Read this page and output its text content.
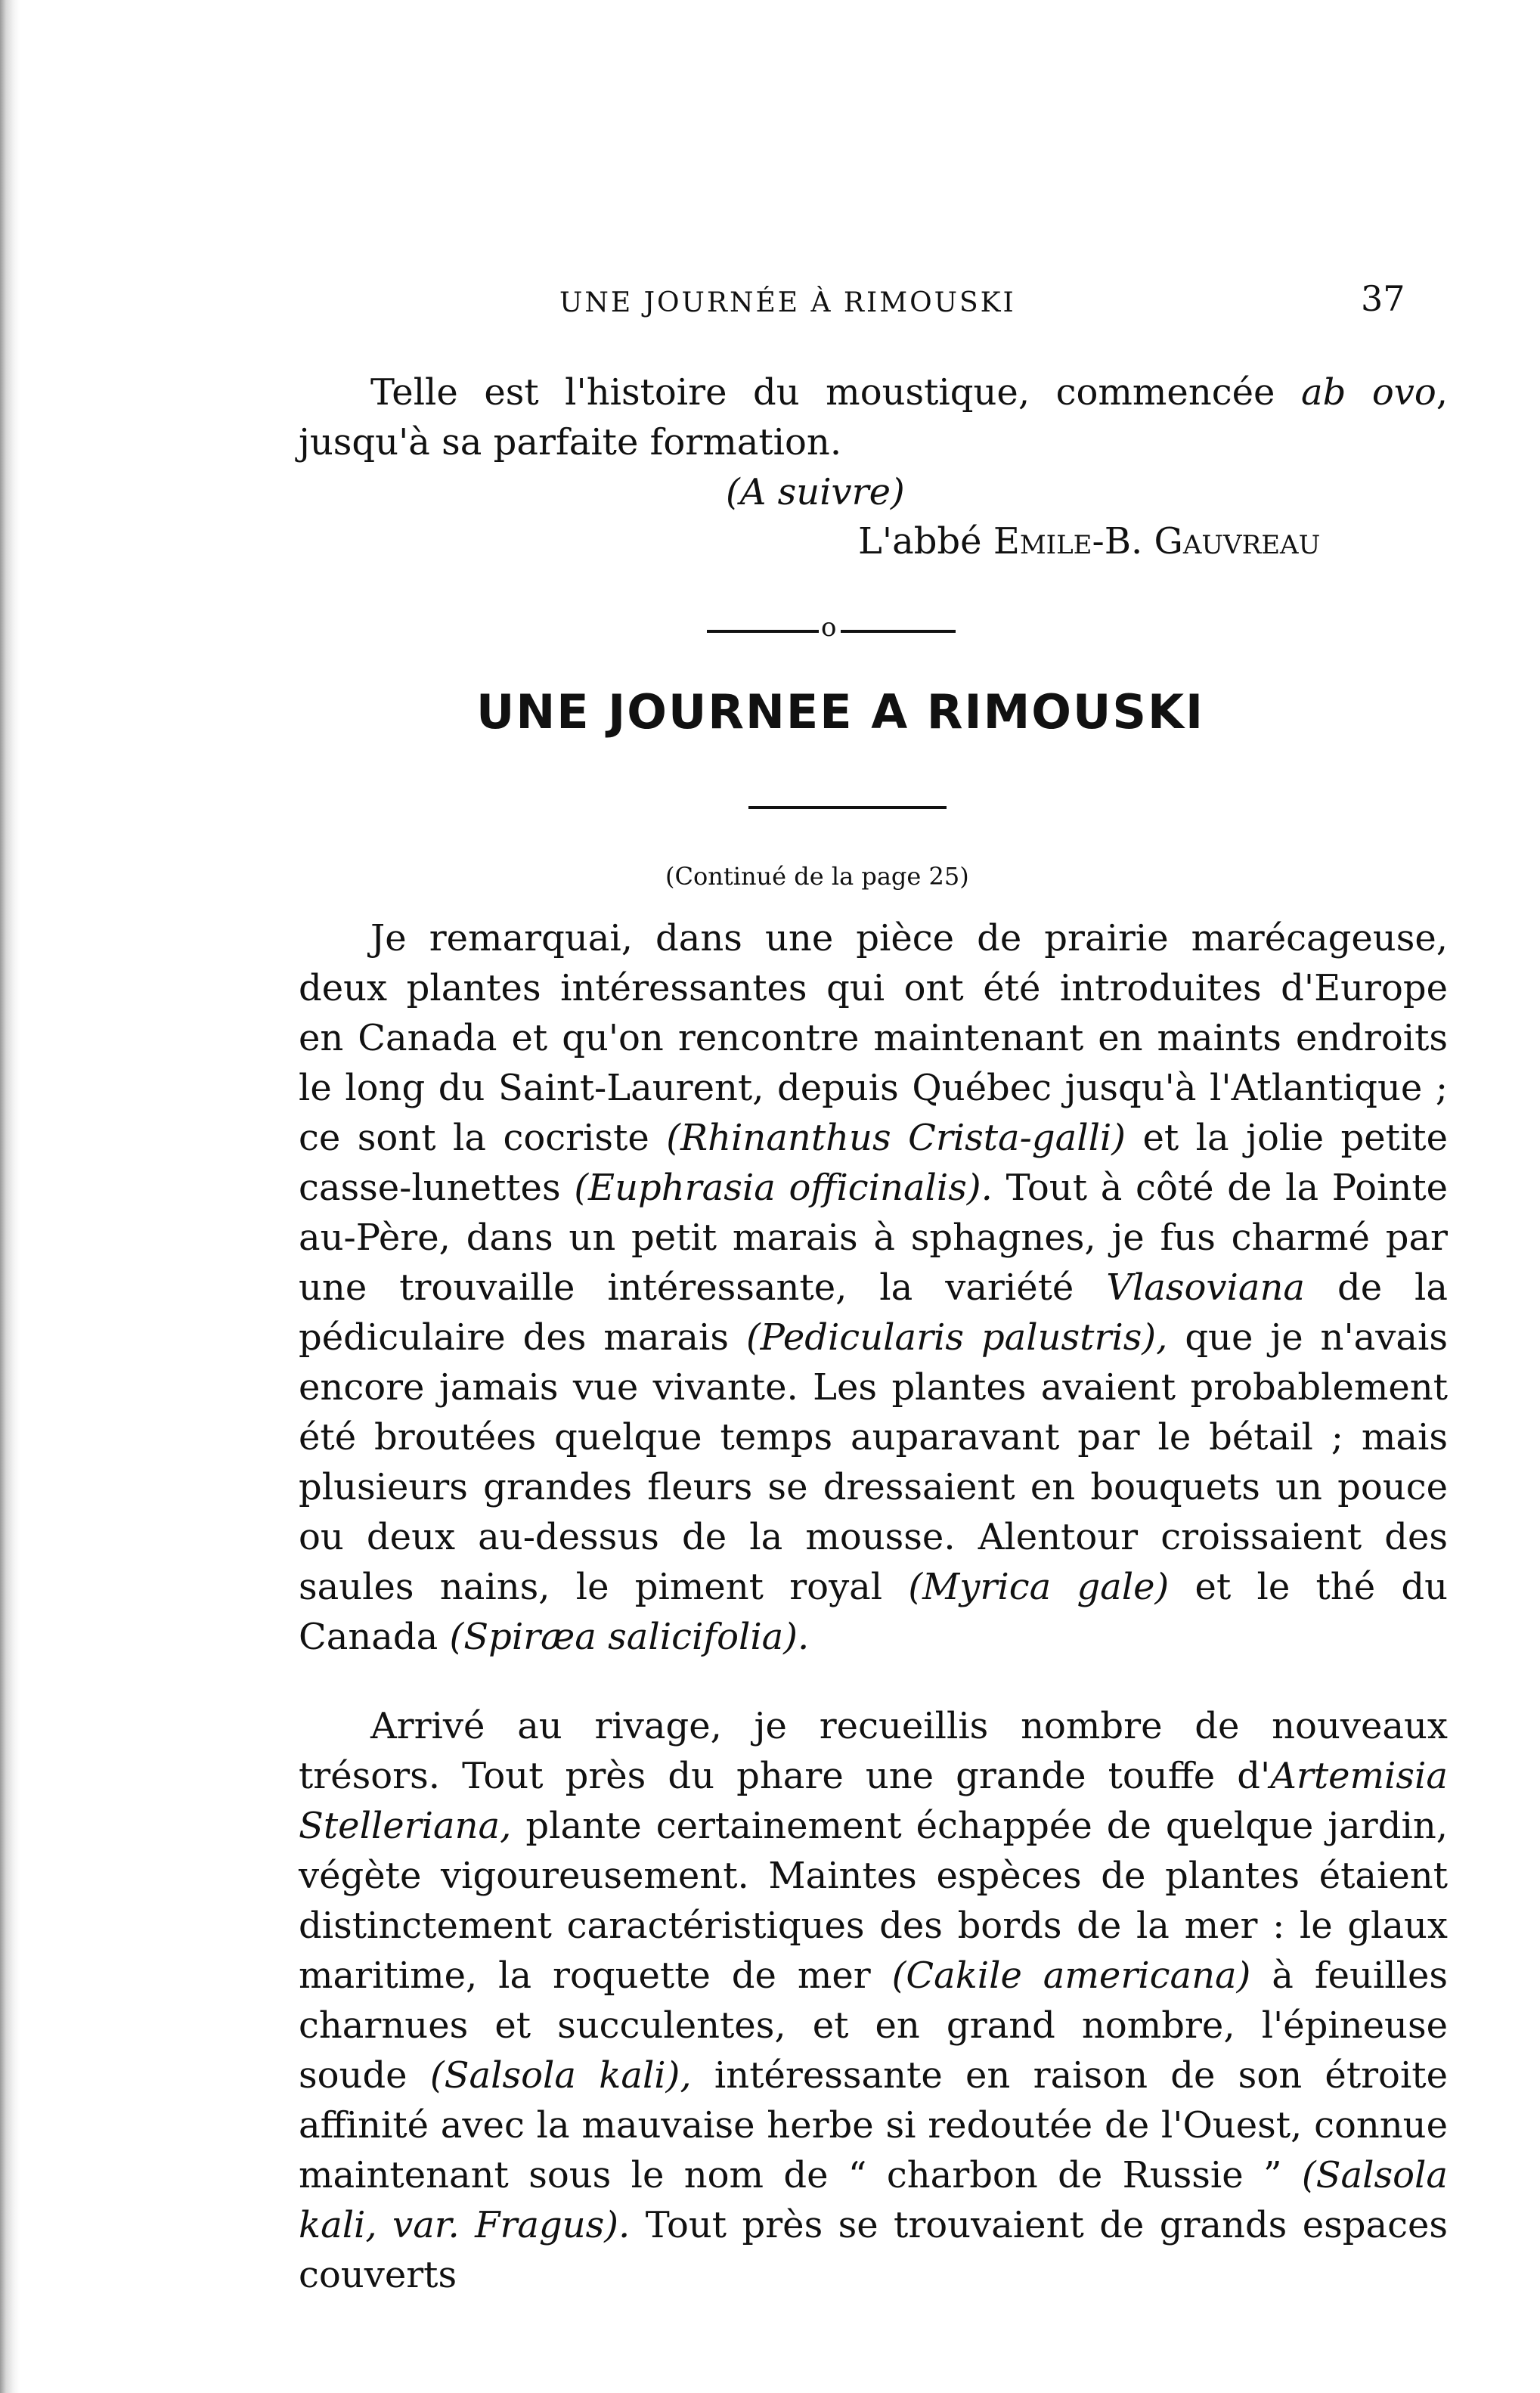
UNE JOURNÉE À RIMOUSKI	37

Telle est l'histoire du moustique, commencée ab ovo, jusqu'à sa parfaite formation.

(A suivre)
L'abbé Emile-B. Gauvreau
o
UNE JOURNEE A RIMOUSKI
(Continué de la page 25)

Je remarquai, dans une pièce de prairie marécageuse, deux plantes intéressantes qui ont été introduites d'Europe en Canada et qu'on rencontre maintenant en maints endroits le long du Saint-Laurent, depuis Québec jusqu'à l'Atlantique ; ce sont la cocriste (Rhinanthus Crista-galli) et la jolie petite casse-lunettes (Euphrasia officinalis). Tout à côté de la Pointe au-Père, dans un petit marais à sphagnes, je fus charmé par une trouvaille intéressante, la variété Vlasoviana de la pédiculaire des marais (Pedicularis palustris), que je n'avais encore jamais vue vivante. Les plantes avaient probablement été broutées quelque temps auparavant par le bétail ; mais plusieurs grandes fleurs se dressaient en bouquets un pouce ou deux au-dessus de la mousse. Alentour croissaient des saules nains, le piment royal (Myrica gale) et le thé du Canada (Spiræa salicifolia).

Arrivé au rivage, je recueillis nombre de nouveaux trésors. Tout près du phare une grande touffe d'Artemisia Stelleriana, plante certainement échappée de quelque jardin, végète vigoureusement. Maintes espèces de plantes étaient distinctement caractéristiques des bords de la mer : le glaux maritime, la roquette de mer (Cakile americana) à feuilles charnues et succulentes, et en grand nombre, l'épineuse soude (Salsola kali), intéressante en raison de son étroite affinité avec la mauvaise herbe si redoutée de l'Ouest, connue maintenant sous le nom de “ charbon de Russie ” (Salsola kali, var. Fragus). Tout près se trouvaient de grands espaces couverts
